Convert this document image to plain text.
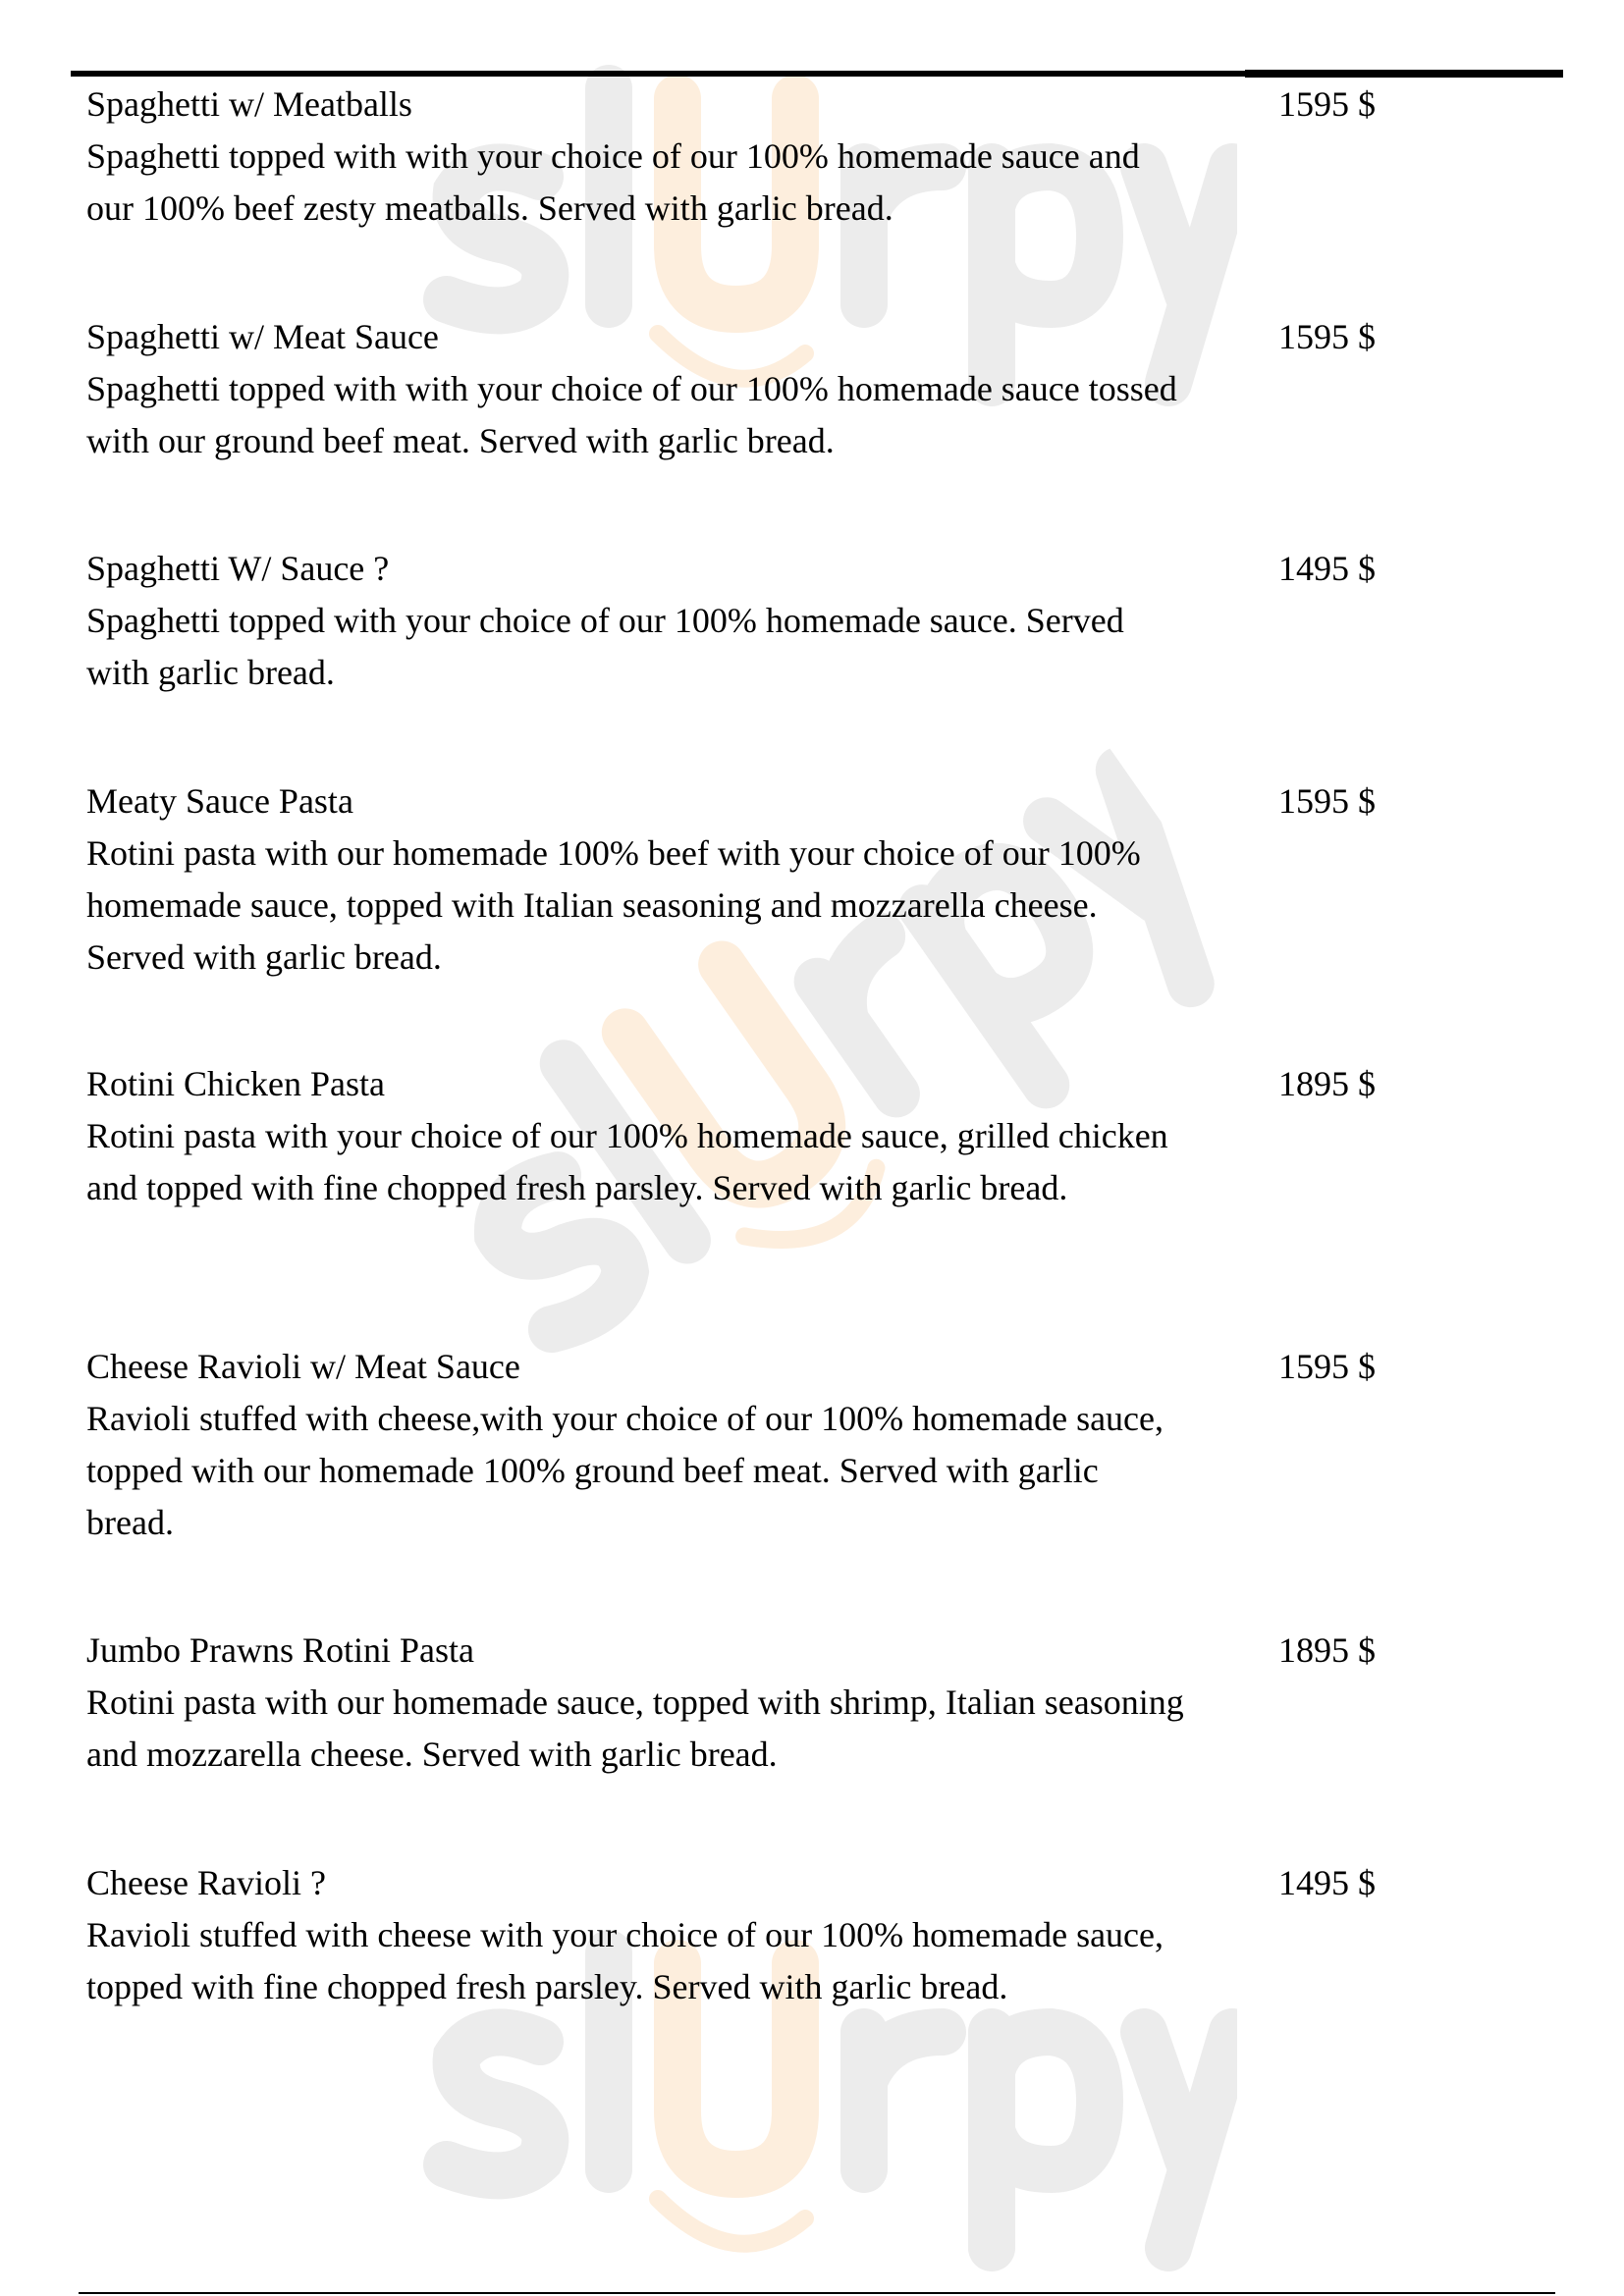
Spaghetti w/ Meatballs
Spaghetti topped with with your choice of our 100% homemade sauce and our 100% beef zesty meatballs. Served with garlic bread.
1595 $
Spaghetti w/ Meat Sauce
Spaghetti topped with with your choice of our 100% homemade sauce tossed with our ground beef meat. Served with garlic bread.
1595 $
Spaghetti W/ Sauce ?
Spaghetti topped with your choice of our 100% homemade sauce. Served with garlic bread.
1495 $
Meaty Sauce Pasta
Rotini pasta with our homemade 100% beef with your choice of our 100% homemade sauce, topped with Italian seasoning and mozzarella cheese. Served with garlic bread.
1595 $
Rotini Chicken Pasta
Rotini pasta with your choice of our 100% homemade sauce, grilled chicken and topped with fine chopped fresh parsley. Served with garlic bread.
1895 $
Cheese Ravioli w/ Meat Sauce
Ravioli stuffed with cheese,with your choice of our 100% homemade sauce, topped with our homemade 100% ground beef meat. Served with garlic bread.
1595 $
Jumbo Prawns Rotini Pasta
Rotini pasta with our homemade sauce, topped with shrimp, Italian seasoning and mozzarella cheese. Served with garlic bread.
1895 $
Cheese Ravioli ?
Ravioli stuffed with cheese with your choice of our 100% homemade sauce, topped with fine chopped fresh parsley. Served with garlic bread.
1495 $
